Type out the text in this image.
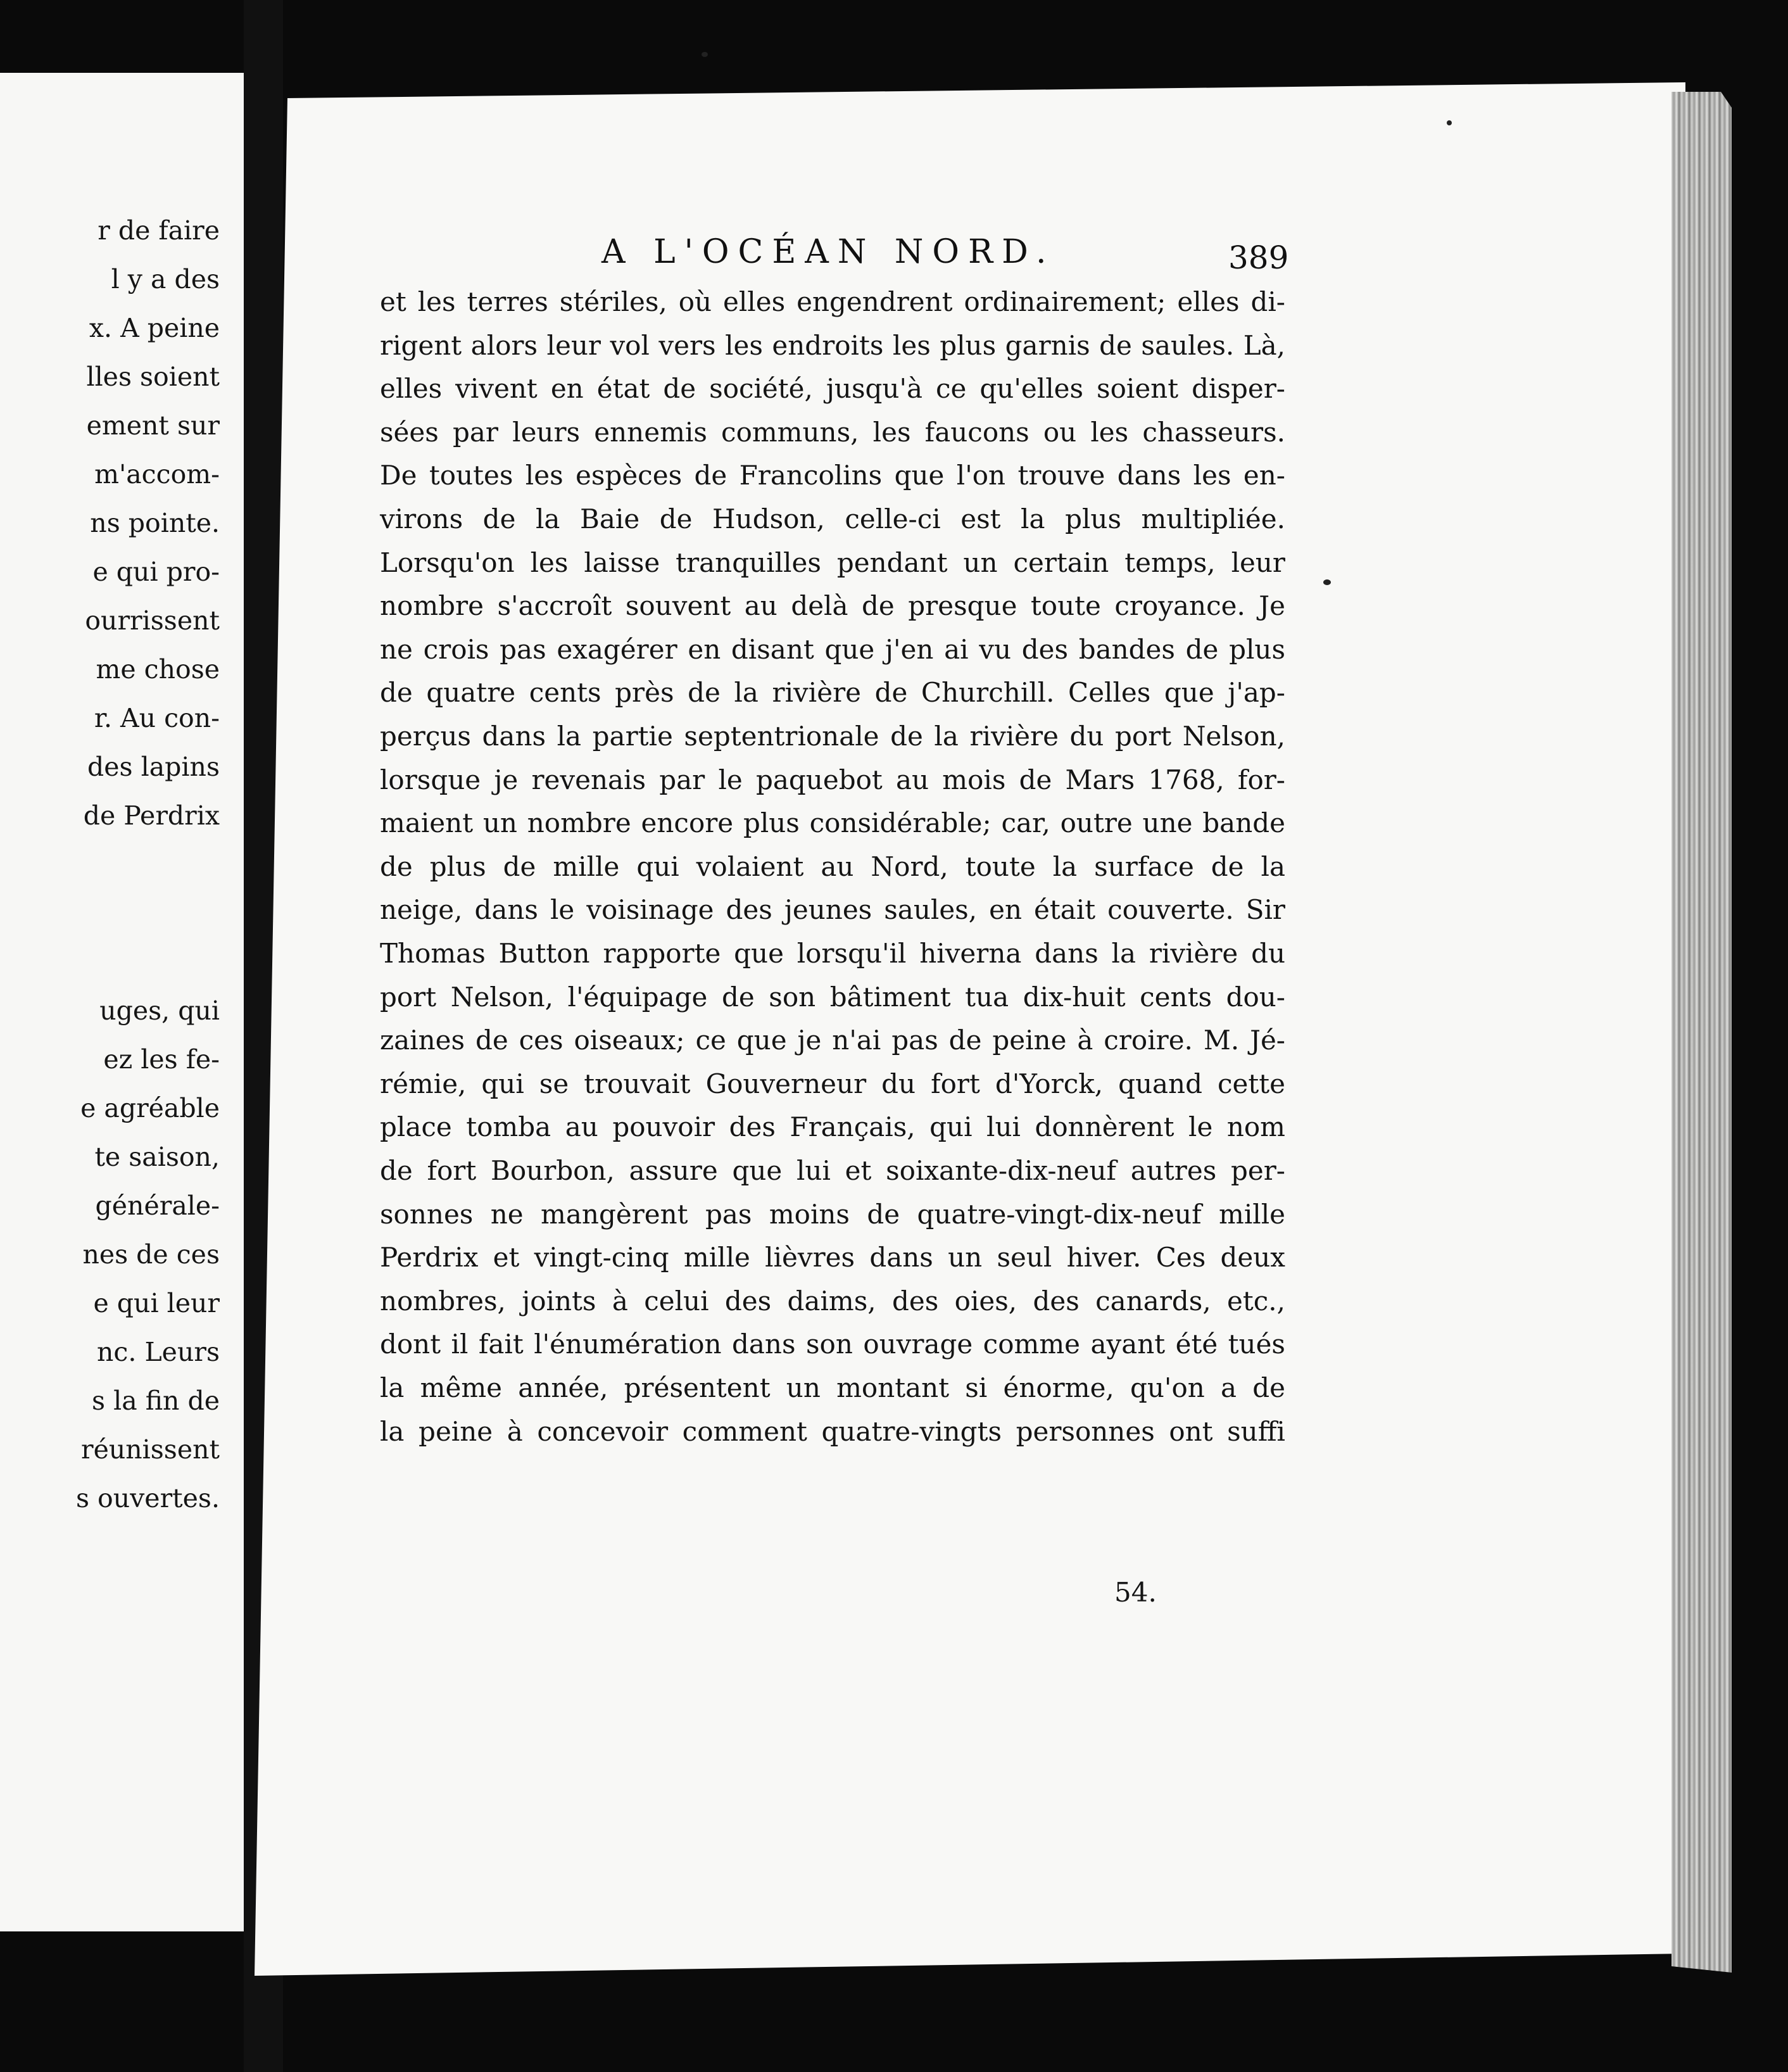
r de faire
l y a des
x. A peine
lles soient
ement sur
m'accom-
ns pointe.
e qui pro-
ourrissent
me chose
r. Au con-
des lapins
de Perdrix
uges, qui
ez les fe-
e agréable
te saison,
générale-
nes de ces
e qui leur
nc. Leurs
s la fin de
réunissent
s ouvertes.
A L'OCÉAN NORD.	389
et les terres stériles, où elles engendrent ordinairement; elles di-
rigent alors leur vol vers les endroits les plus garnis de saules. Là,
elles vivent en état de société, jusqu'à ce qu'elles soient disper-
sées par leurs ennemis communs, les faucons ou les chasseurs.
De toutes les espèces de Francolins que l'on trouve dans les en-
virons de la Baie de Hudson, celle-ci est la plus multipliée.
Lorsqu'on les laisse tranquilles pendant un certain temps, leur
nombre s'accroît souvent au delà de presque toute croyance. Je
ne crois pas exagérer en disant que j'en ai vu des bandes de plus
de quatre cents près de la rivière de Churchill. Celles que j'ap-
perçus dans la partie septentrionale de la rivière du port Nelson,
lorsque je revenais par le paquebot au mois de Mars 1768, for-
maient un nombre encore plus considérable; car, outre une bande
de plus de mille qui volaient au Nord, toute la surface de la
neige, dans le voisinage des jeunes saules, en était couverte. Sir
Thomas Button rapporte que lorsqu'il hiverna dans la rivière du
port Nelson, l'équipage de son bâtiment tua dix-huit cents dou-
zaines de ces oiseaux; ce que je n'ai pas de peine à croire. M. Jé-
rémie, qui se trouvait Gouverneur du fort d'Yorck, quand cette
place tomba au pouvoir des Français, qui lui donnèrent le nom
de fort Bourbon, assure que lui et soixante-dix-neuf autres per-
sonnes ne mangèrent pas moins de quatre-vingt-dix-neuf mille
Perdrix et vingt-cinq mille lièvres dans un seul hiver. Ces deux
nombres, joints à celui des daims, des oies, des canards, etc.,
dont il fait l'énumération dans son ouvrage comme ayant été tués
la même année, présentent un montant si énorme, qu'on a de
la peine à concevoir comment quatre-vingts personnes ont suffi
54.
